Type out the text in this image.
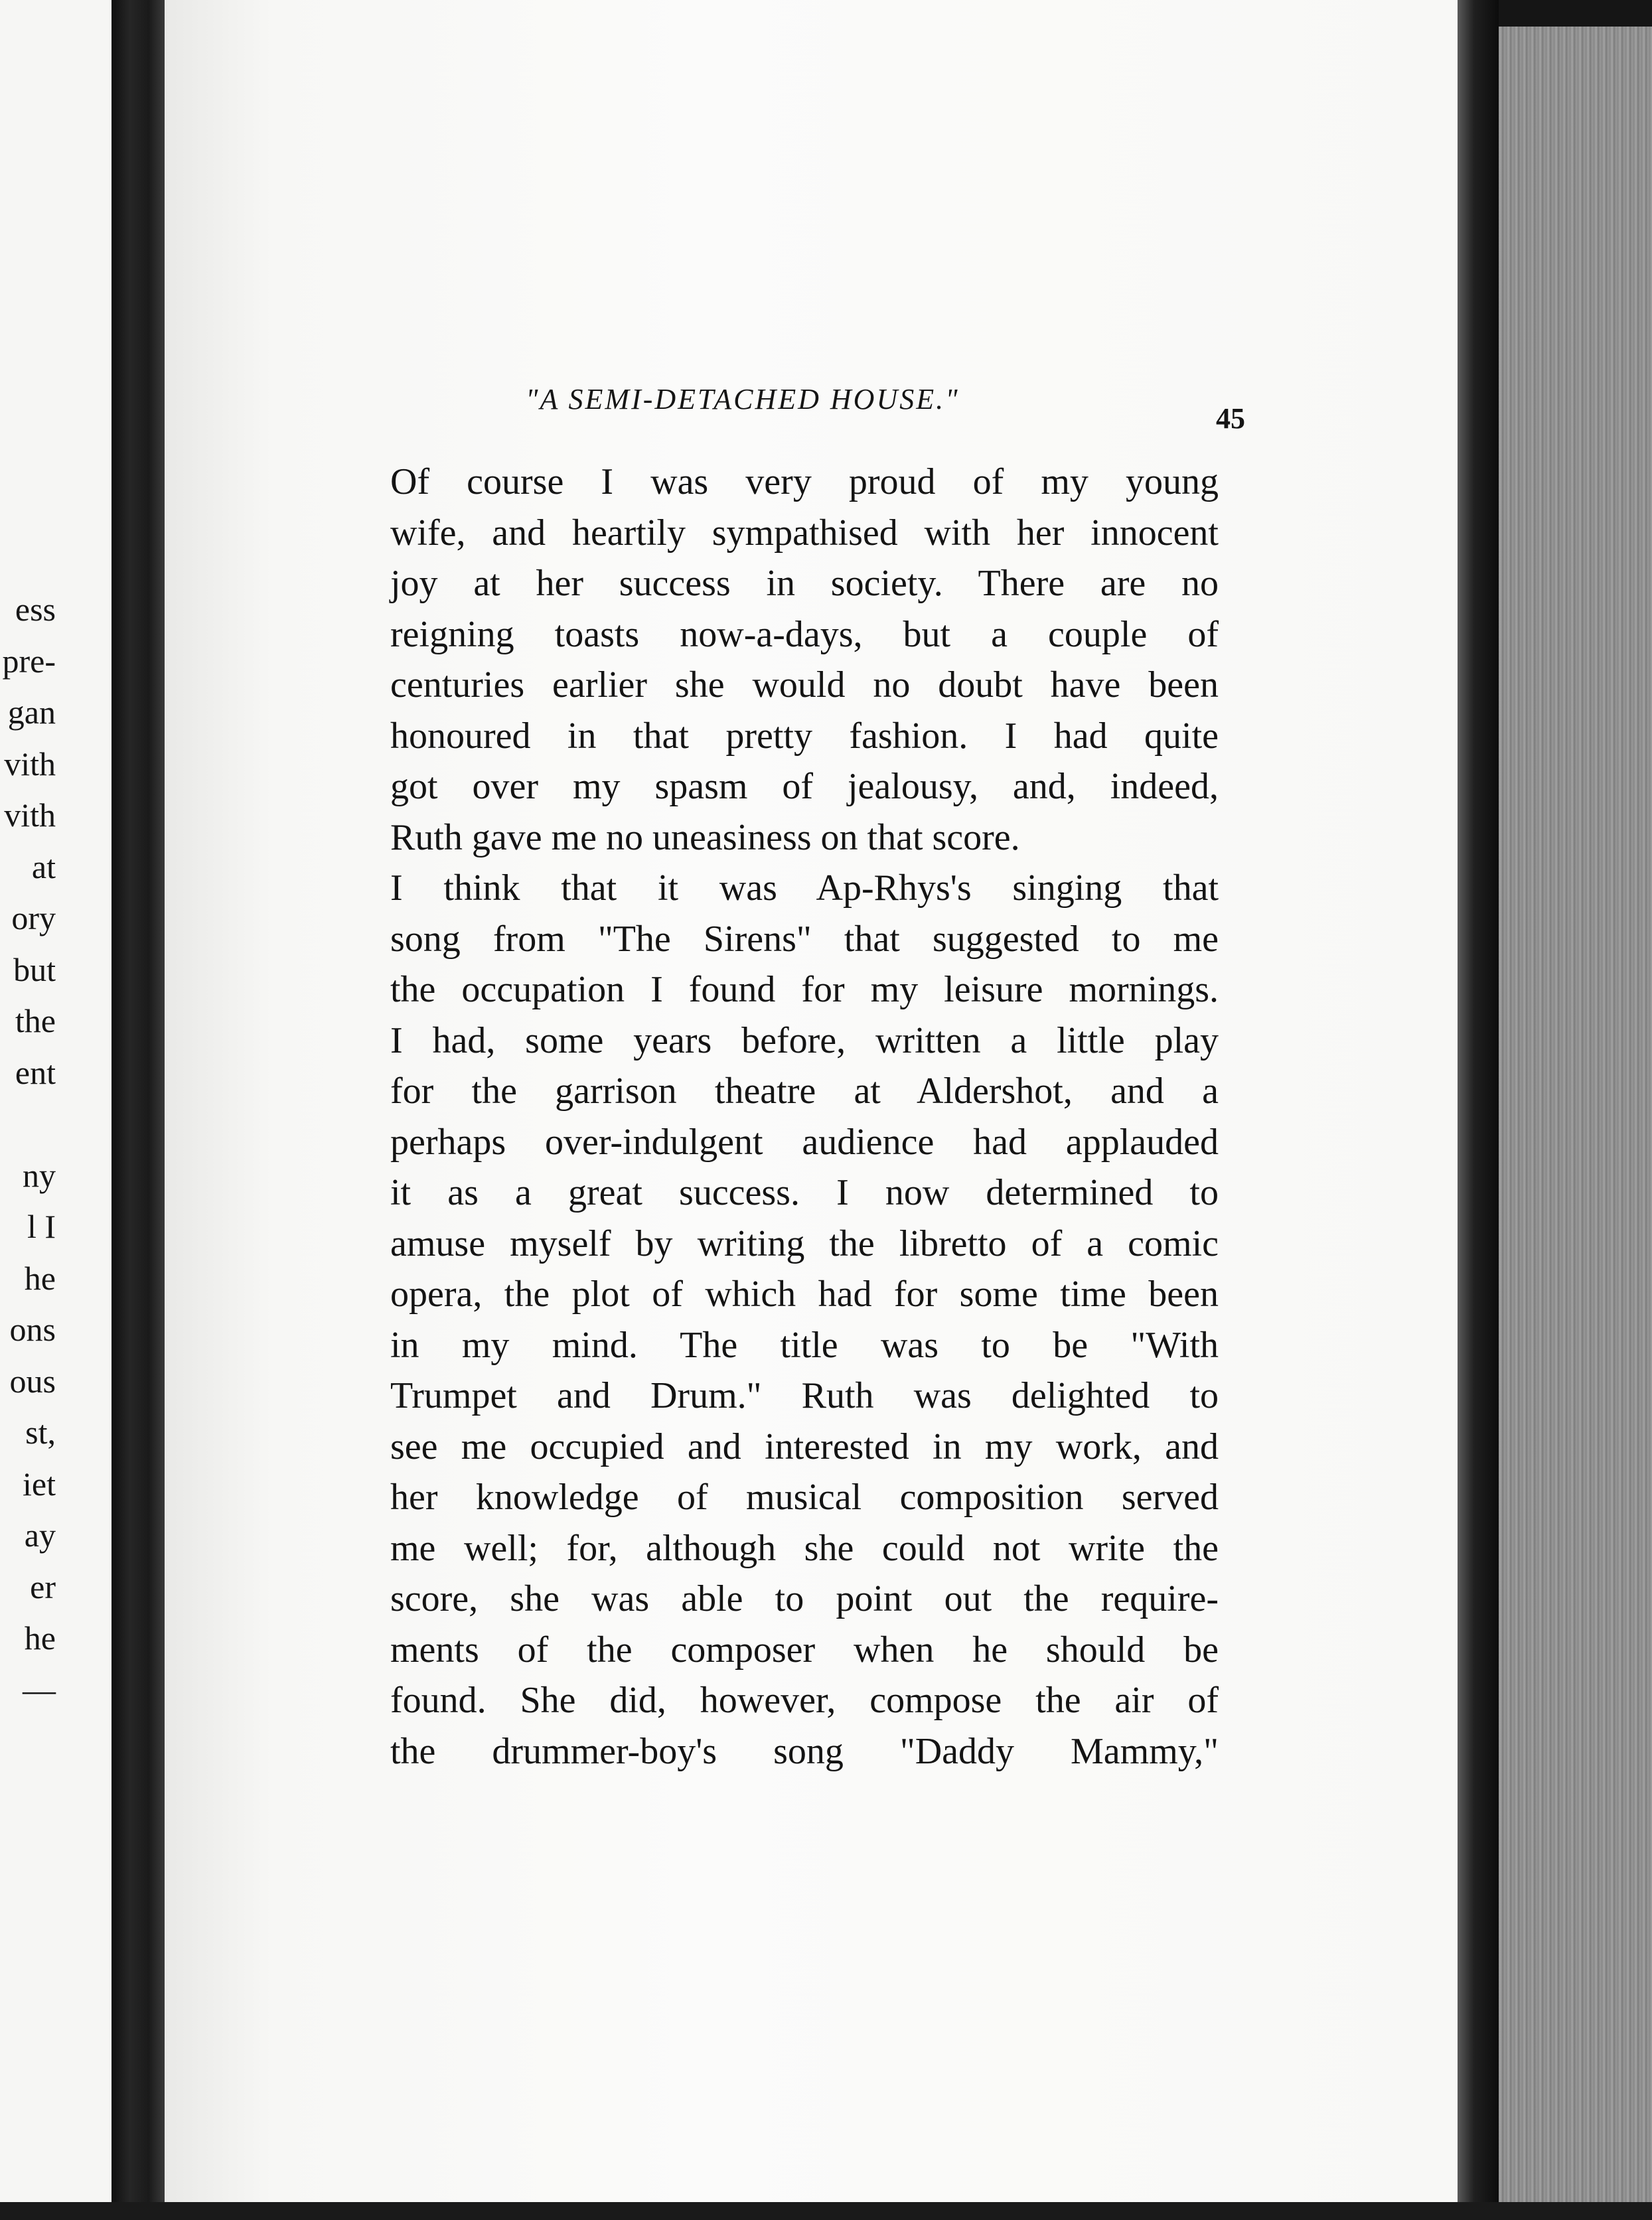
ess
pre-
gan
vith
vith
at
ory
but
the
ent
ny
l I
he
ons
ous
st,
iet
ay
er
he
—
"A SEMI-DETACHED HOUSE."
45

Of course I was very proud of my young
wife, and heartily sympathised with her innocent
joy at her success in society. There are no
reigning toasts now-a-days, but a couple of
centuries earlier she would no doubt have been
honoured in that pretty fashion. I had quite
got over my spasm of jealousy, and, indeed,
Ruth gave me no uneasiness on that score.

I think that it was Ap-Rhys's singing that
song from "The Sirens" that suggested to me
the occupation I found for my leisure mornings.
I had, some years before, written a little play
for the garrison theatre at Aldershot, and a
perhaps over-indulgent audience had applauded
it as a great success. I now determined to
amuse myself by writing the libretto of a comic
opera, the plot of which had for some time been
in my mind. The title was to be "With
Trumpet and Drum." Ruth was delighted to
see me occupied and interested in my work, and
her knowledge of musical composition served
me well; for, although she could not write the
score, she was able to point out the require-
ments of the composer when he should be
found. She did, however, compose the air of
the drummer-boy's song "Daddy Mammy,"
